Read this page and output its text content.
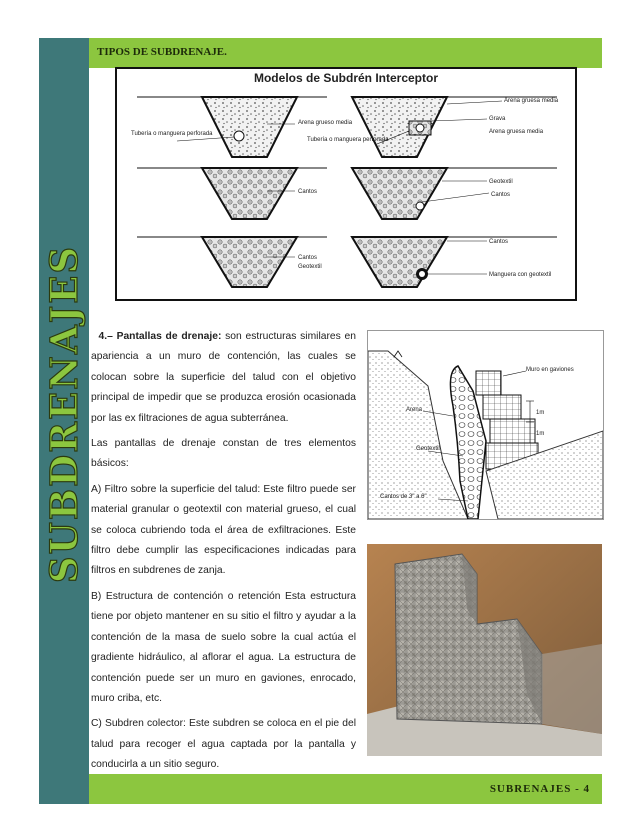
SUBDRENAJES
TIPOS DE SUBDRENAJE.
Tubería o manguera perforada
Arena grueso media
Arena gruesa media
Grava
Tubería o manguera perforada
Arena gruesa media
Cantos
Geotextil
Cantos
Cantos
Geotextil
Cantos
Manguera con geotextil
Modelos de Subdrén Interceptor

4.– Pantallas de drenaje: son estructuras similares en apariencia a un muro de contención, las cuales se colocan sobre la superficie del talud con el objetivo principal de impedir que se produzca erosión ocasionada por las ex filtraciones de agua subterránea.

Las pantallas de drenaje constan de tres elementos básicos:

A) Filtro sobre la superficie del talud: Este filtro puede ser material granular o geotextil con material grueso, el cual se coloca cubriendo toda el área de exfiltraciones. Este filtro debe cumplir las especificaciones indicadas para filtros en subdrenes de zanja.

B) Estructura de contención o retención Esta estructura tiene por objeto mantener en su sitio el filtro y ayudar a la contención de la masa de suelo sobre la cual actúa el gradiente hidráulico, al aflorar el agua. La estructura de contención puede ser un muro en gaviones, enrocado, muro criba, etc.

C) Subdren colector: Este subdren se coloca en el pie del talud para recoger el agua captada por la pantalla y conducirla a un sitio seguro.

Muro en gaviones
Arena
Geotextil
Cantos de 3" a 6"
1m
1m
SUBRENAJES - 4
